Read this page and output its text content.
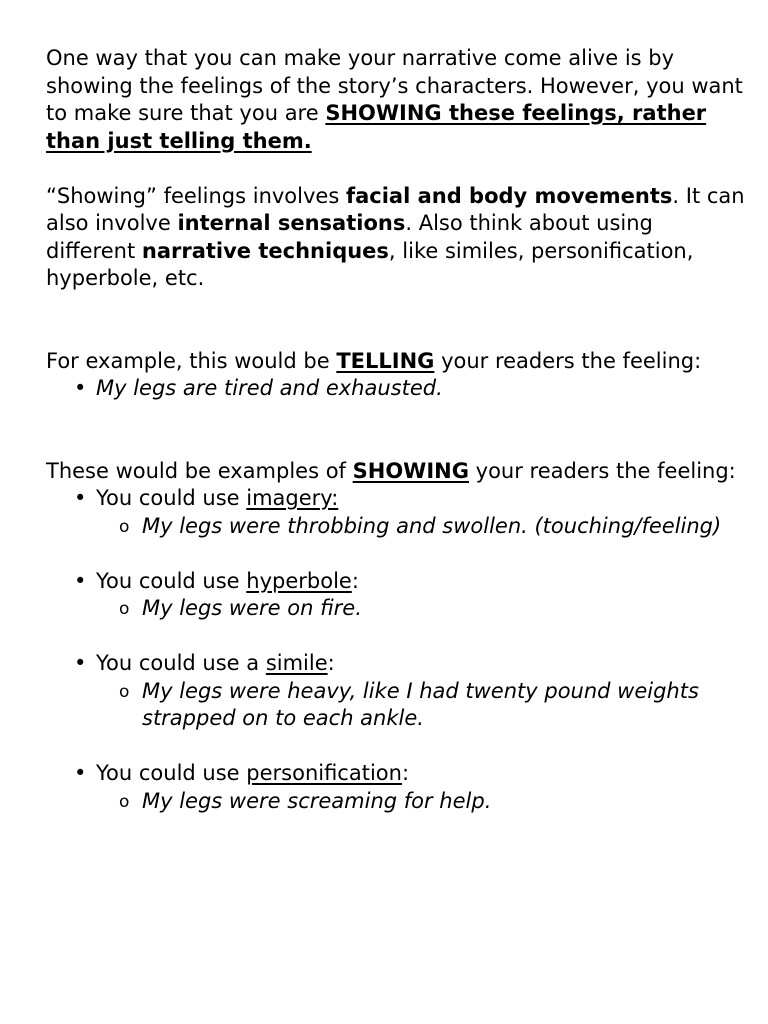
One way that you can make your narrative come alive is by showing the feelings of the story’s characters. However, you want to make sure that you are SHOWING these feelings, rather than just telling them.

“Showing” feelings involves facial and body movements. It can also involve internal sensations. Also think about using different narrative techniques, like similes, personification, hyperbole, etc.

For example, this would be TELLING your readers the feeling:

• My legs are tired and exhausted.

These would be examples of SHOWING your readers the feeling:

• You could use imagery:
o My legs were throbbing and swollen. (touching/feeling)
• You could use hyperbole:
o My legs were on fire.
• You could use a simile:
o My legs were heavy, like I had twenty pound weights strapped on to each ankle.
• You could use personification:
o My legs were screaming for help.
